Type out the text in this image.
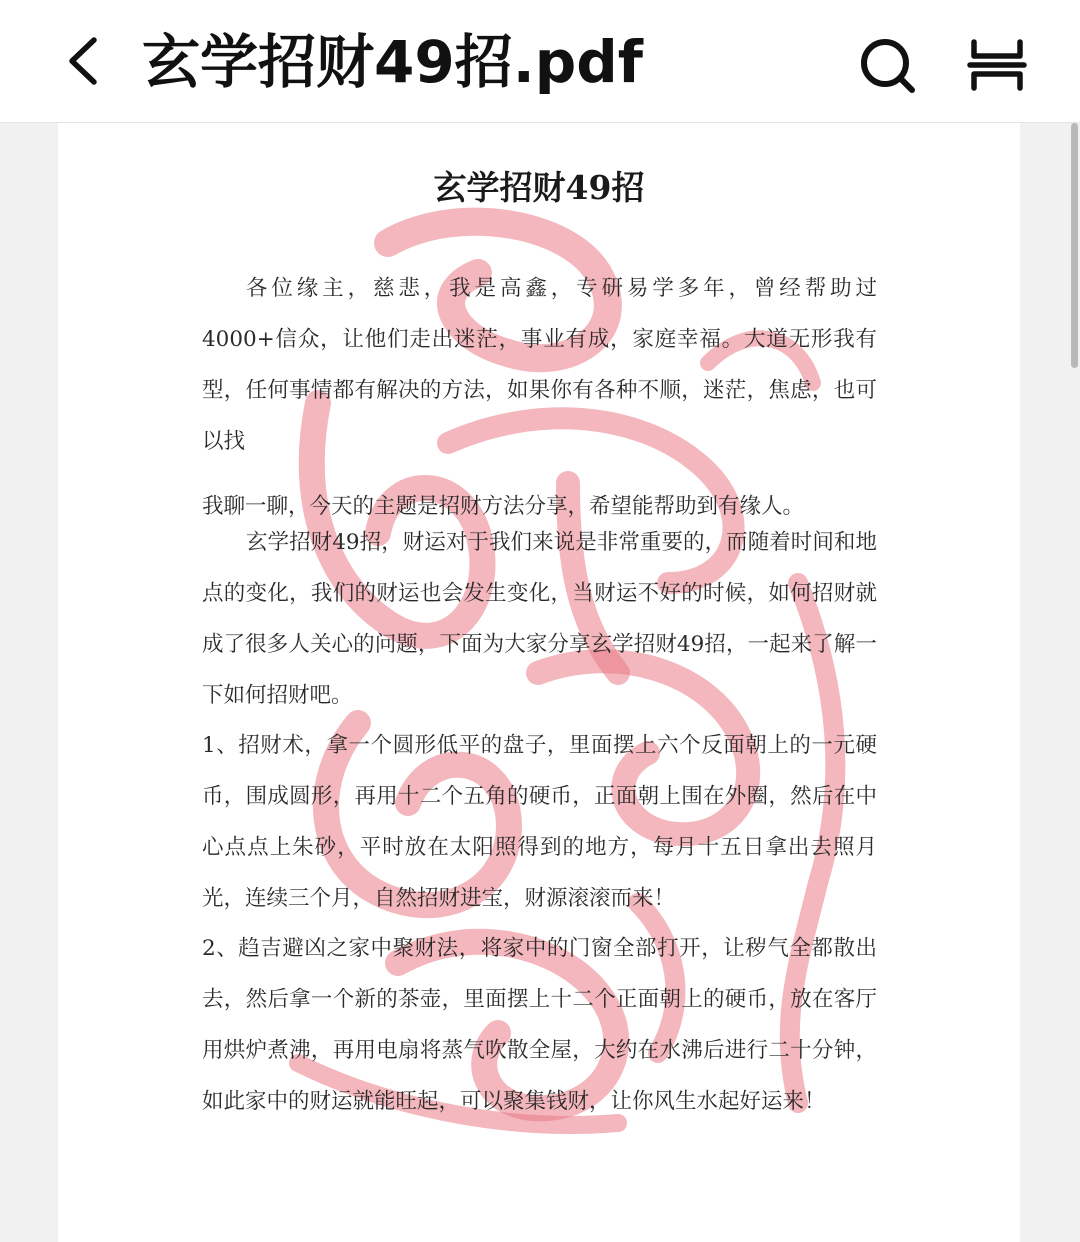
玄学招财49招.pdf
玄学招财49招
各位缘主，慈悲，我是高鑫，专研易学多年，曾经帮助过4000+信众，让他们走出迷茫，事业有成，家庭幸福。大道无形我有型，任何事情都有解决的方法，如果你有各种不顺，迷茫，焦虑，也可以找
我聊一聊，今天的主题是招财方法分享，希望能帮助到有缘人。
玄学招财49招，财运对于我们来说是非常重要的，而随着时间和地点的变化，我们的财运也会发生变化，当财运不好的时候，如何招财就成了很多人关心的问题，下面为大家分享玄学招财49招，一起来了解一下如何招财吧。
1、招财术，拿一个圆形低平的盘子，里面摆上六个反面朝上的一元硬币，围成圆形，再用十二个五角的硬币，正面朝上围在外圈，然后在中心点点上朱砂，平时放在太阳照得到的地方，每月十五日拿出去照月光，连续三个月，自然招财进宝，财源滚滚而来！
2、趋吉避凶之家中聚财法，将家中的门窗全部打开，让秽气全都散出去，然后拿一个新的茶壶，里面摆上十二个正面朝上的硬币，放在客厅用烘炉煮沸，再用电扇将蒸气吹散全屋，大约在水沸后进行二十分钟，如此家中的财运就能旺起，可以聚集钱财，让你风生水起好运来！
